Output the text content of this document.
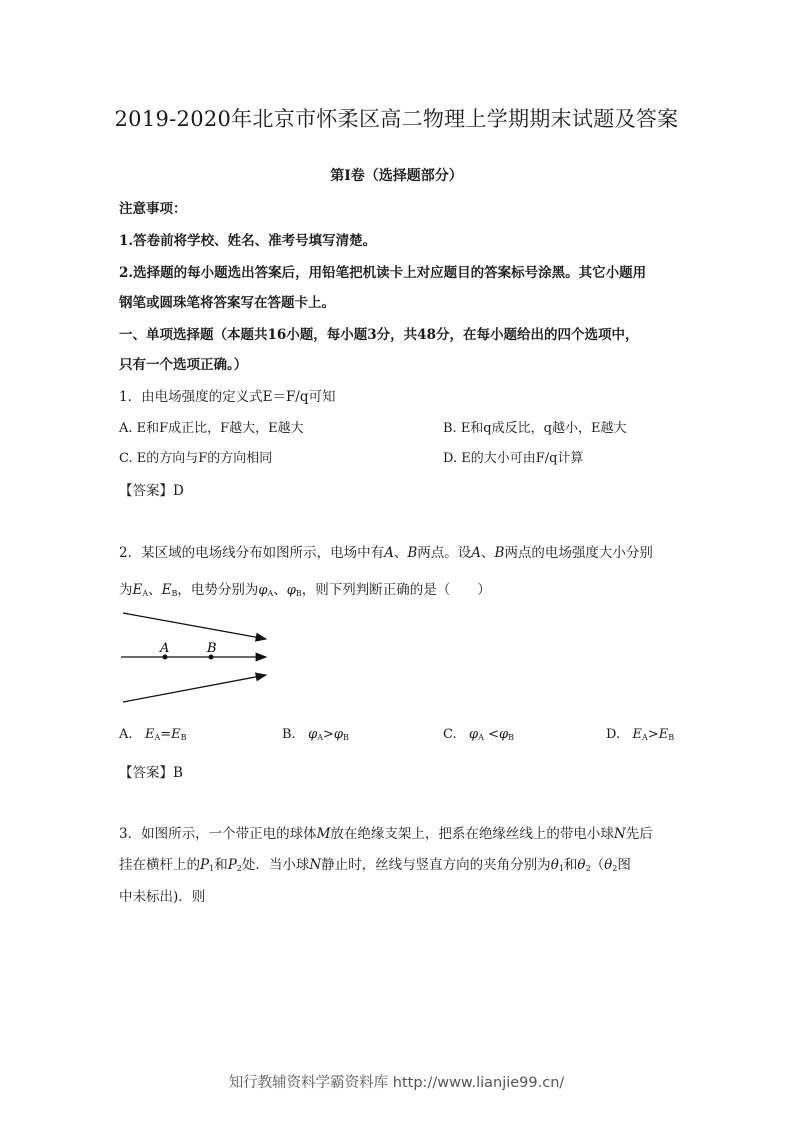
2019-2020年北京市怀柔区高二物理上学期期末试题及答案
第Ⅰ卷（选择题部分）
注意事项：
1.答卷前将学校、姓名、准考号填写清楚。
2.选择题的每小题选出答案后，用铅笔把机读卡上对应题目的答案标号涂黑。其它小题用
钢笔或圆珠笔将答案写在答题卡上。
一、单项选择题（本题共16小题，每小题3分，共48分，在每小题给出的四个选项中，
只有一个选项正确。）
1．由电场强度的定义式E＝F/q可知
A. E和F成正比，F越大，E越大	B. E和q成反比，q越小，E越大
C. E的方向与F的方向相同	D. E的大小可由F/q计算
【答案】D
2．某区域的电场线分布如图所示，电场中有A、B两点。设A、B两点的电场强度大小分别
为$E_A$、$E_B$，电势分别为$\varphi_A$、$\varphi_B$，则下列判断正确的是（　　）
A	B
A. $E_A=E_B$	B. $\varphi_A>\varphi_B$	C. $\varphi_A <\varphi_B$	D. $E_A>E_B$
【答案】B
3．如图所示，一个带正电的球体M放在绝缘支架上，把系在绝缘丝线上的带电小球N先后
挂在横杆上的$P_1$和$P_2$处．当小球N静止时，丝线与竖直方向的夹角分别为$\theta_1$和$\theta_2(\theta_2$图
中未标出)．则
知行教辅资料学霸资料库 http://www.lianjie99.cn/
